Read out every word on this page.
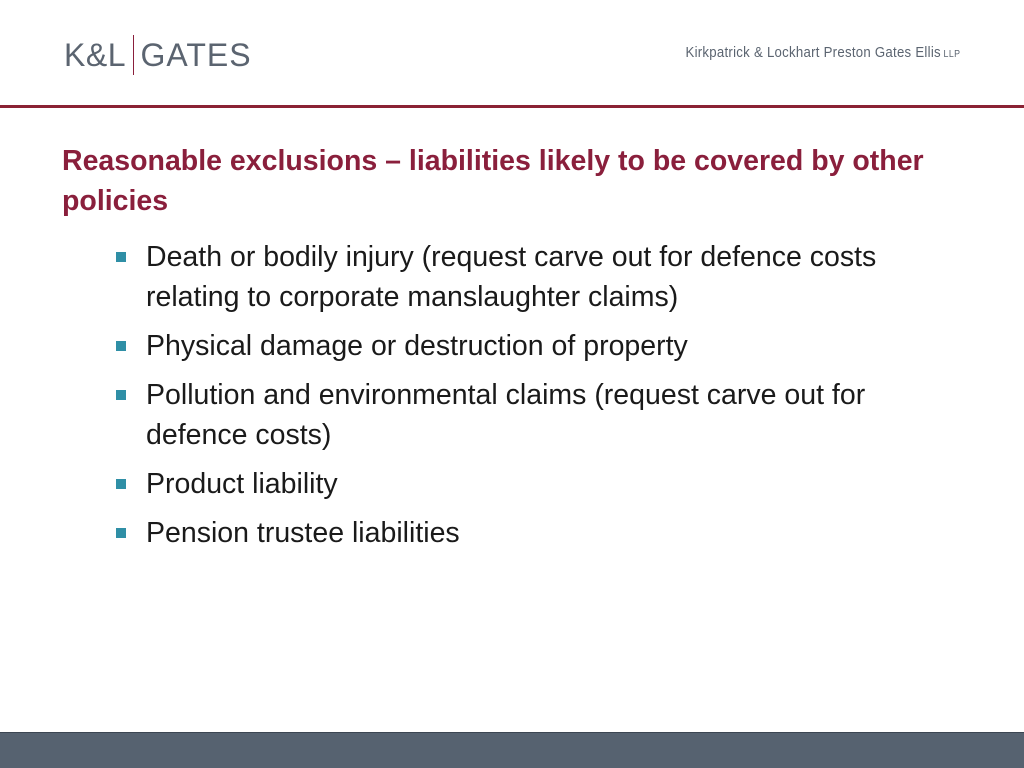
K&L GATES	Kirkpatrick & Lockhart Preston Gates Ellis LLP
Reasonable exclusions – liabilities likely to be covered by other policies
Death or bodily injury (request carve out for defence costs relating to corporate manslaughter claims)
Physical damage or destruction of property
Pollution and environmental claims (request carve out for defence costs)
Product liability
Pension trustee liabilities
